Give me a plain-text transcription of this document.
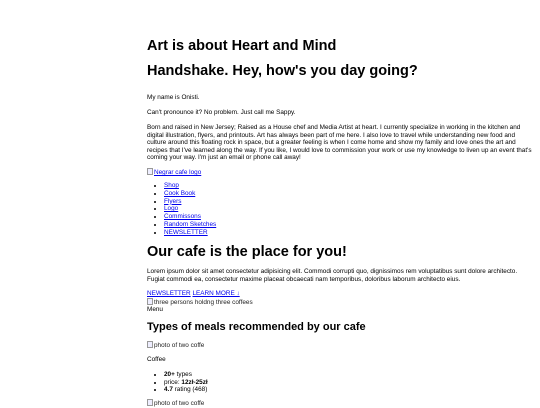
Art is about Heart and Mind
Handshake. Hey, how's you day going?
My name is Onisti.
Can't pronounce it? No problem. Just call me Sappy.
Born and raised in New Jersey; Raised as a House chef and Media Artist at heart. I currently specialize in working in the kitchen and digital illustration, flyers, and printouts. Art has always been part of me here. I also love to travel while understanding new food and culture around this floating rock in space, but a greater feeling is when I come home and show my family and love ones the art and recipes that I've learned along the way. If you like, I would love to commission your work or use my knowledge to liven up an event that's coming your way. I'm just an email or phone call away!
Negrar cafe logo
• Shop
• Cook Book
• Flyers
• Logo
• Commissons
• Random Sketches
• NEWSLETTER
Our cafe is the place for you!
Lorem ipsum dolor sit amet consectetur adipisicing elit. Commodi corrupti quo, dignissimos rem voluptatibus sunt dolore architecto. Fugiat commodi ea, consectetur maxime placeat obcaecati nam temporibus, doloribus laborum architecto eius.
NEWSLETTER LEARN MORE ↓
three persons holdng three coffees
Menu
Types of meals recommended by our cafe
photo of two coffe
Coffee
• 20+ types
• price: 12zł-25zł
• 4.7 rating (468)
photo of two coffe
